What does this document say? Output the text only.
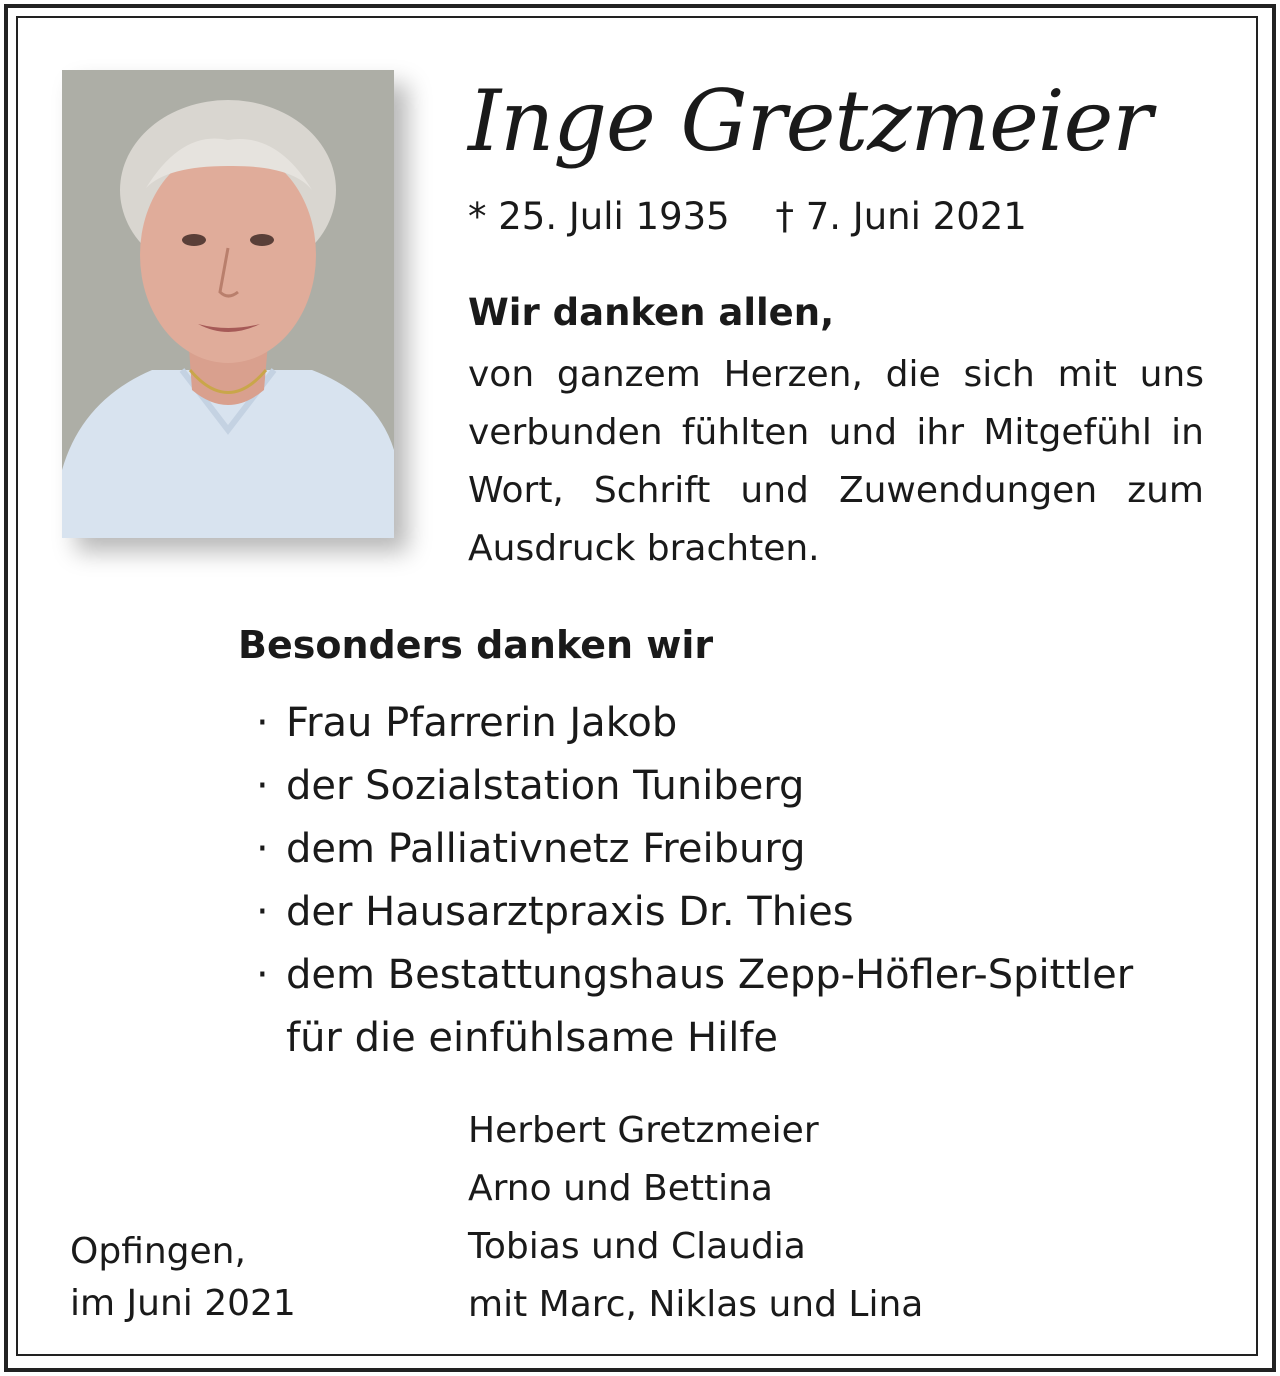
Inge Gretzmeier
* 25. Juli 1935 † 7. Juni 2021
Wir danken allen,
von ganzem Herzen, die sich mit uns verbunden fühlten und ihr Mitgefühl in Wort, Schrift und Zuwendungen zum Ausdruck brachten.
Besonders danken wir
· Frau Pfarrerin Jakob
· der Sozialstation Tuniberg
· dem Palliativnetz Freiburg
· der Hausarztpraxis Dr. Thies
· dem Bestattungshaus Zepp-Höfler-Spittler
für die einfühlsame Hilfe
Herbert Gretzmeier
Arno und Bettina
Tobias und Claudia
mit Marc, Niklas und Lina
Opfingen,
im Juni 2021
